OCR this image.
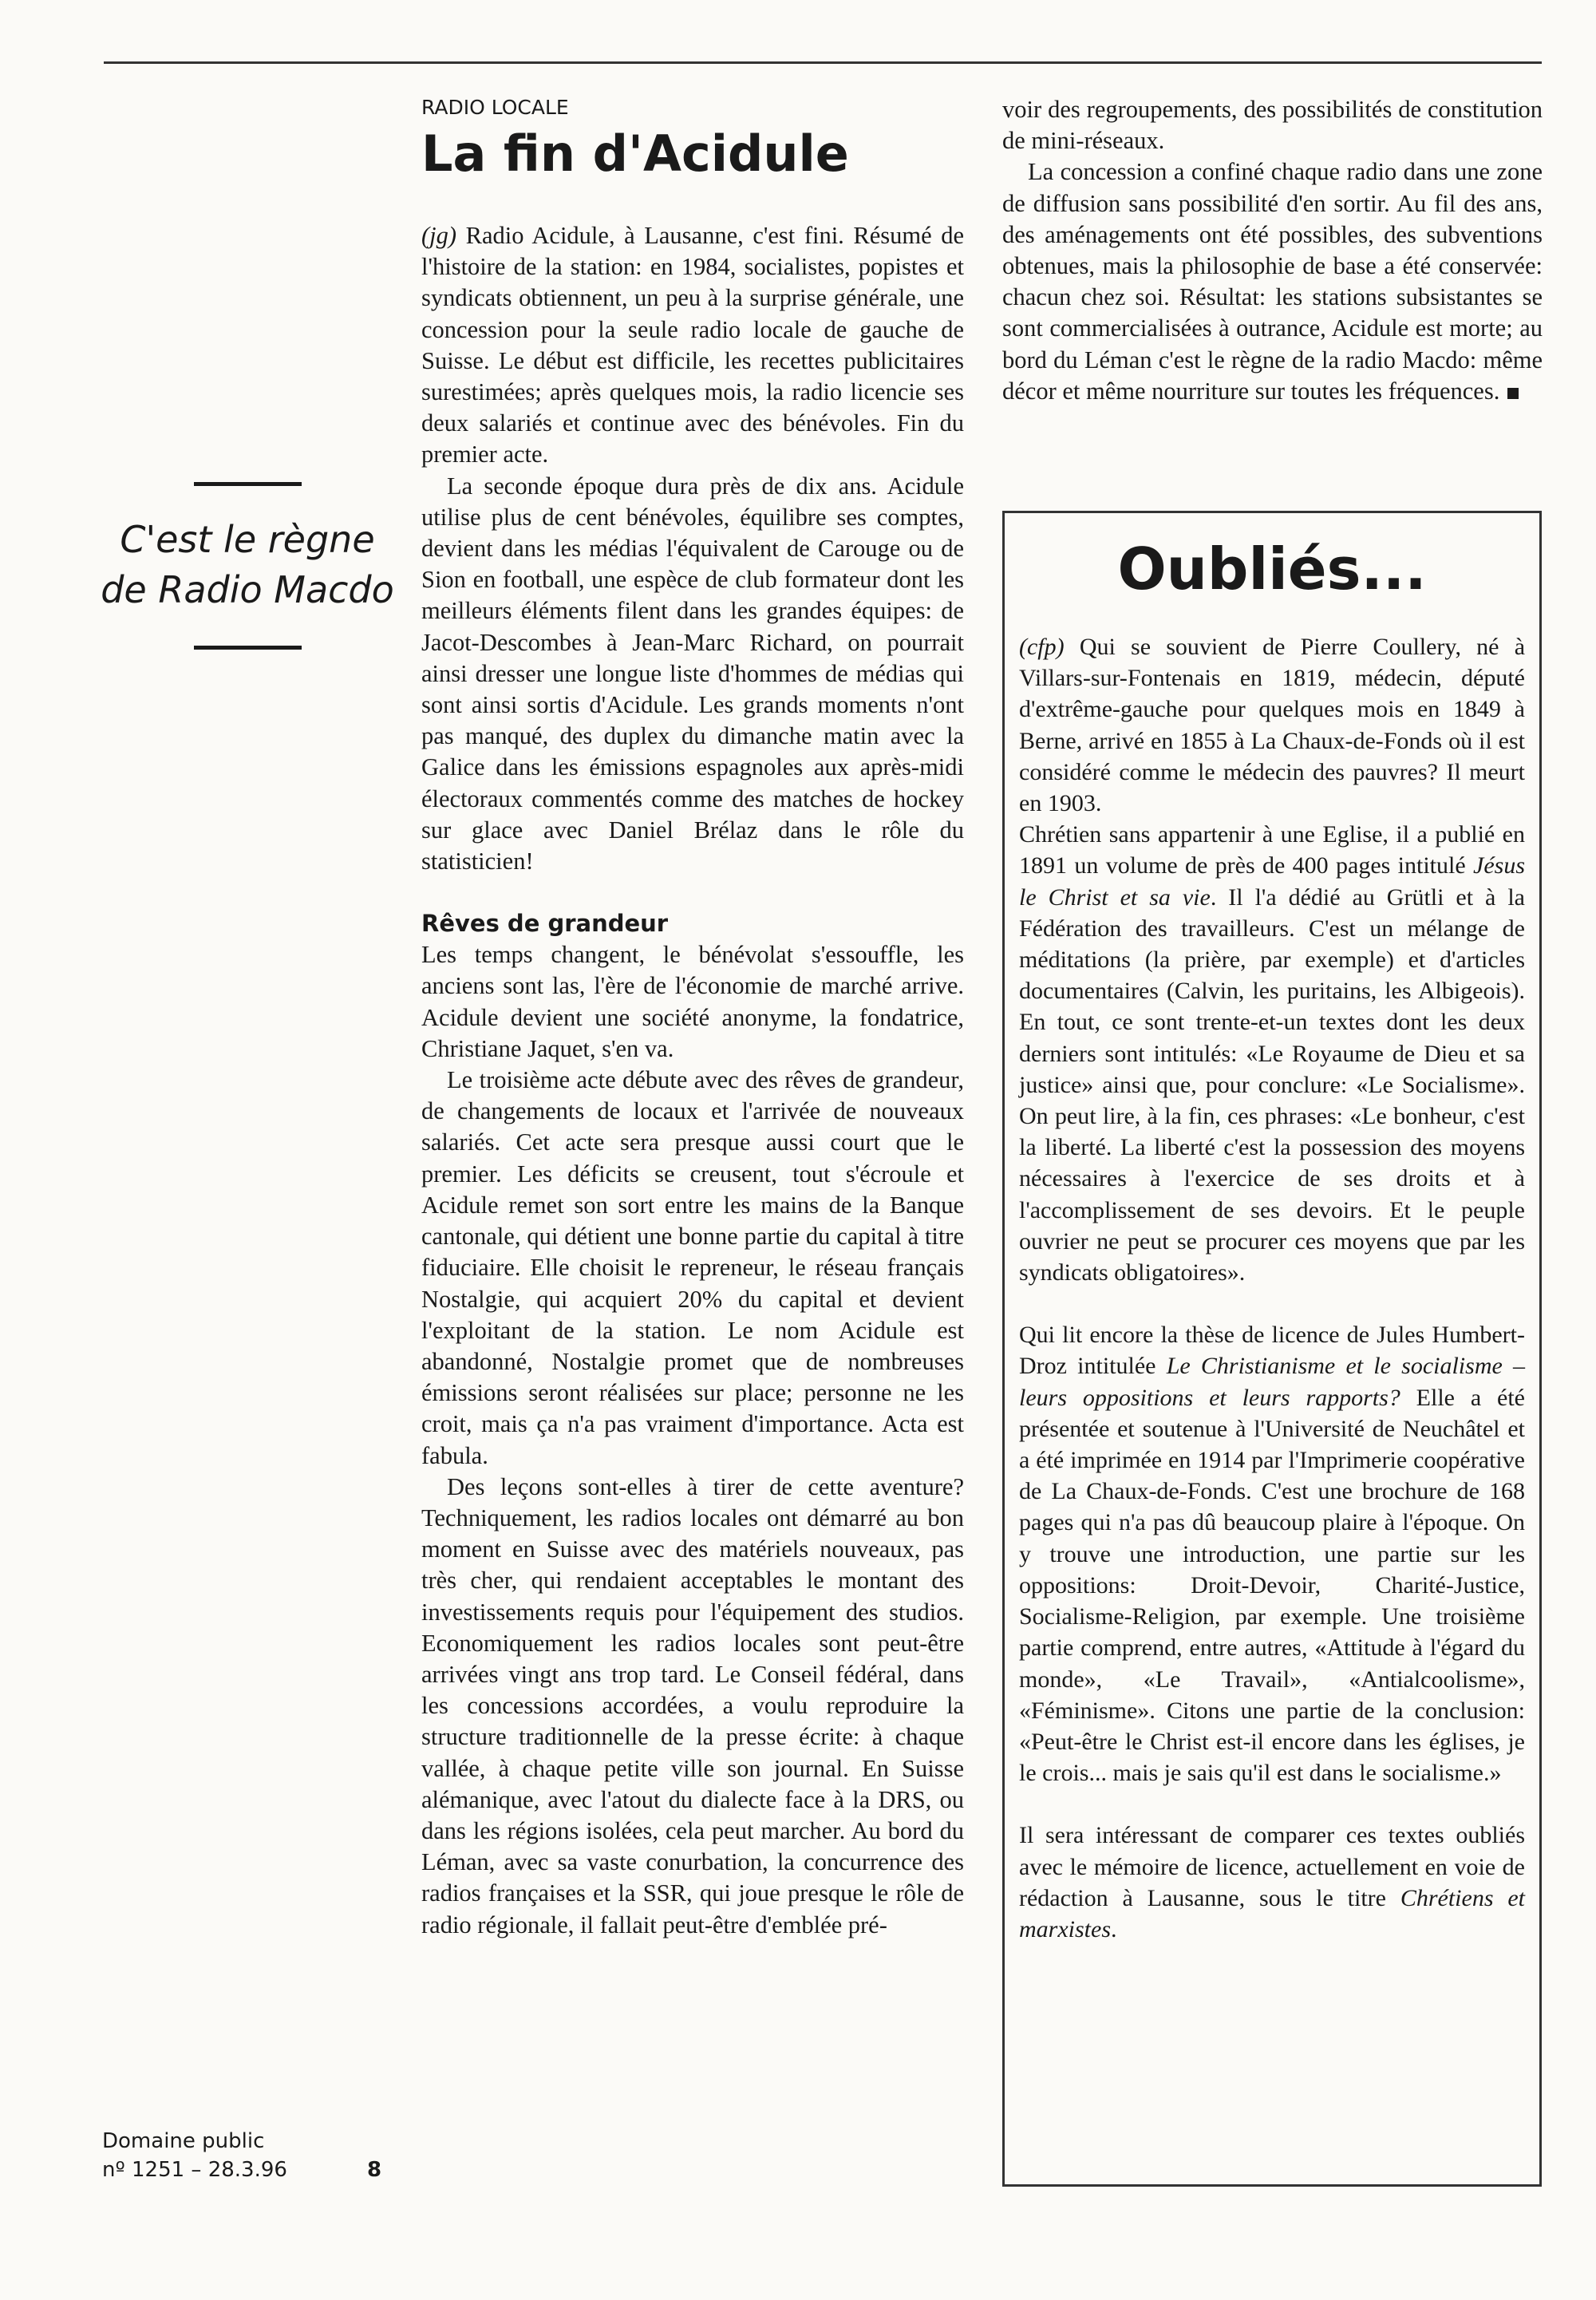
C'est le règne de Radio Macdo
Domaine public
nº 1251 – 28.3.96	8

RADIO LOCALE

La fin d'Acidule

(jg) Radio Acidule, à Lausanne, c'est fini. Résumé de l'histoire de la station: en 1984, socialistes, popistes et syndicats obtiennent, un peu à la surprise générale, une concession pour la seule radio locale de gauche de Suisse. Le début est difficile, les recettes publicitaires surestimées; après quelques mois, la radio licencie ses deux salariés et continue avec des bénévoles. Fin du premier acte.

La seconde époque dura près de dix ans. Acidule utilise plus de cent bénévoles, équilibre ses comptes, devient dans les médias l'équivalent de Carouge ou de Sion en football, une espèce de club formateur dont les meilleurs éléments filent dans les grandes équipes: de Jacot-Descombes à Jean-Marc Richard, on pourrait ainsi dresser une longue liste d'hommes de médias qui sont ainsi sortis d'Acidule. Les grands moments n'ont pas manqué, des duplex du dimanche matin avec la Galice dans les émissions espagnoles aux après-midi électoraux commentés comme des matches de hockey sur glace avec Daniel Brélaz dans le rôle du statisticien!

Rêves de grandeur

Les temps changent, le bénévolat s'essouffle, les anciens sont las, l'ère de l'économie de marché arrive. Acidule devient une société anonyme, la fondatrice, Christiane Jaquet, s'en va.

Le troisième acte débute avec des rêves de grandeur, de changements de locaux et l'arrivée de nouveaux salariés. Cet acte sera presque aussi court que le premier. Les déficits se creusent, tout s'écroule et Acidule remet son sort entre les mains de la Banque cantonale, qui détient une bonne partie du capital à titre fiduciaire. Elle choisit le repreneur, le réseau français Nostalgie, qui acquiert 20% du capital et devient l'exploitant de la station. Le nom Acidule est abandonné, Nostalgie promet que de nombreuses émissions seront réalisées sur place; personne ne les croit, mais ça n'a pas vraiment d'importance. Acta est fabula.

Des leçons sont-elles à tirer de cette aventure? Techniquement, les radios locales ont démarré au bon moment en Suisse avec des matériels nouveaux, pas très cher, qui rendaient acceptables le montant des investissements requis pour l'équipement des studios. Economiquement les radios locales sont peut-être arrivées vingt ans trop tard. Le Conseil fédéral, dans les concessions accordées, a voulu reproduire la structure traditionnelle de la presse écrite: à chaque vallée, à chaque petite ville son journal. En Suisse alémanique, avec l'atout du dialecte face à la DRS, ou dans les régions isolées, cela peut marcher. Au bord du Léman, avec sa vaste conurbation, la concurrence des radios françaises et la SSR, qui joue presque le rôle de radio régionale, il fallait peut-être d'emblée pré-

voir des regroupements, des possibilités de constitution de mini-réseaux.

La concession a confiné chaque radio dans une zone de diffusion sans possibilité d'en sortir. Au fil des ans, des aménagements ont été possibles, des subventions obtenues, mais la philosophie de base a été conservée: chacun chez soi. Résultat: les stations subsistantes se sont commercialisées à outrance, Acidule est morte; au bord du Léman c'est le règne de la radio Macdo: même décor et même nourriture sur toutes les fréquences.

Oubliés...

(cfp) Qui se souvient de Pierre Coullery, né à Villars-sur-Fontenais en 1819, médecin, député d'extrême-gauche pour quelques mois en 1849 à Berne, arrivé en 1855 à La Chaux-de-Fonds où il est considéré comme le médecin des pauvres? Il meurt en 1903.

Chrétien sans appartenir à une Eglise, il a publié en 1891 un volume de près de 400 pages intitulé Jésus le Christ et sa vie. Il l'a dédié au Grütli et à la Fédération des travailleurs. C'est un mélange de méditations (la prière, par exemple) et d'articles documentaires (Calvin, les puritains, les Albigeois). En tout, ce sont trente-et-un textes dont les deux derniers sont intitulés: «Le Royaume de Dieu et sa justice» ainsi que, pour conclure: «Le Socialisme». On peut lire, à la fin, ces phrases: «Le bonheur, c'est la liberté. La liberté c'est la possession des moyens nécessaires à l'exercice de ses droits et à l'accomplissement de ses devoirs. Et le peuple ouvrier ne peut se procurer ces moyens que par les syndicats obligatoires».

Qui lit encore la thèse de licence de Jules Humbert-Droz intitulée Le Christianisme et le socialisme – leurs oppositions et leurs rapports? Elle a été présentée et soutenue à l'Université de Neuchâtel et a été imprimée en 1914 par l'Imprimerie coopérative de La Chaux-de-Fonds. C'est une brochure de 168 pages qui n'a pas dû beaucoup plaire à l'époque. On y trouve une introduction, une partie sur les oppositions: Droit-Devoir, Charité-Justice, Socialisme-Religion, par exemple. Une troisième partie comprend, entre autres, «Attitude à l'égard du monde», «Le Travail», «Antialcoolisme», «Féminisme». Citons une partie de la conclusion: «Peut-être le Christ est-il encore dans les églises, je le crois... mais je sais qu'il est dans le socialisme.»

Il sera intéressant de comparer ces textes oubliés avec le mémoire de licence, actuellement en voie de rédaction à Lausanne, sous le titre Chrétiens et marxistes.
